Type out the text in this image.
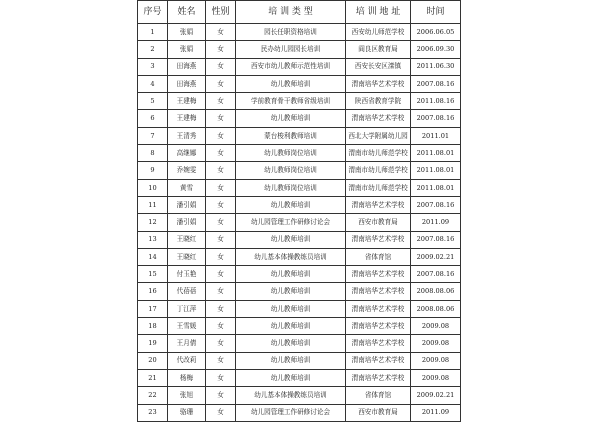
序号	姓名	性别	培 训 类 型	培 训 地 址	时间
1	张娟	女	园长任职资格培训	西安幼儿师范学校	2006.06.05
2	张娟	女	民办幼儿园园长培训	阎良区教育局	2006.09.30
3	田海燕	女	西安市幼儿教师示范性培训	西安长安区滦镇	2011.06.30
4	田海燕	女	幼儿教师培训	渭南培华艺术学校	2007.08.16
5	王建梅	女	学前教育骨干教师省级培训	陕西省教育学院	2011.08.16
6	王建梅	女	幼儿教师培训	渭南培华艺术学校	2007.08.16
7	王清秀	女	蒙台梭利教师培训	西北大学附属幼儿园	2011.01
8	高继娜	女	幼儿教师岗位培训	渭南市幼儿师范学校	2011.08.01
9	乔婉雯	女	幼儿教师岗位培训	渭南市幼儿师范学校	2011.08.01
10	黄雪	女	幼儿教师岗位培训	渭南市幼儿师范学校	2011.08.01
11	潘引娟	女	幼儿教师培训	渭南培华艺术学校	2007.08.16
12	潘引娟	女	幼儿园管理工作研修讨论会	西安市教育局	2011.09
13	王晓红	女	幼儿教师培训	渭南培华艺术学校	2007.08.16
14	王晓红	女	幼儿基本体操教练员培训	省体育馆	2009.02.21
15	付玉艳	女	幼儿教师培训	渭南培华艺术学校	2007.08.16
16	代蓓蓓	女	幼儿教师培训	渭南培华艺术学校	2008.08.06
17	丁江萍	女	幼儿教师培训	渭南培华艺术学校	2008.08.06
18	王雪媛	女	幼儿教师培训	渭南培华艺术学校	2009.08
19	王月倩	女	幼儿教师培训	渭南培华艺术学校	2009.08
20	代改莉	女	幼儿教师培训	渭南培华艺术学校	2009.08
21	杨梅	女	幼儿教师培训	渭南培华艺术学校	2009.08
22	张旭	女	幼儿基本体操教练员培训	省体育馆	2009.02.21
23	骆珊	女	幼儿园管理工作研修讨论会	西安市教育局	2011.09
